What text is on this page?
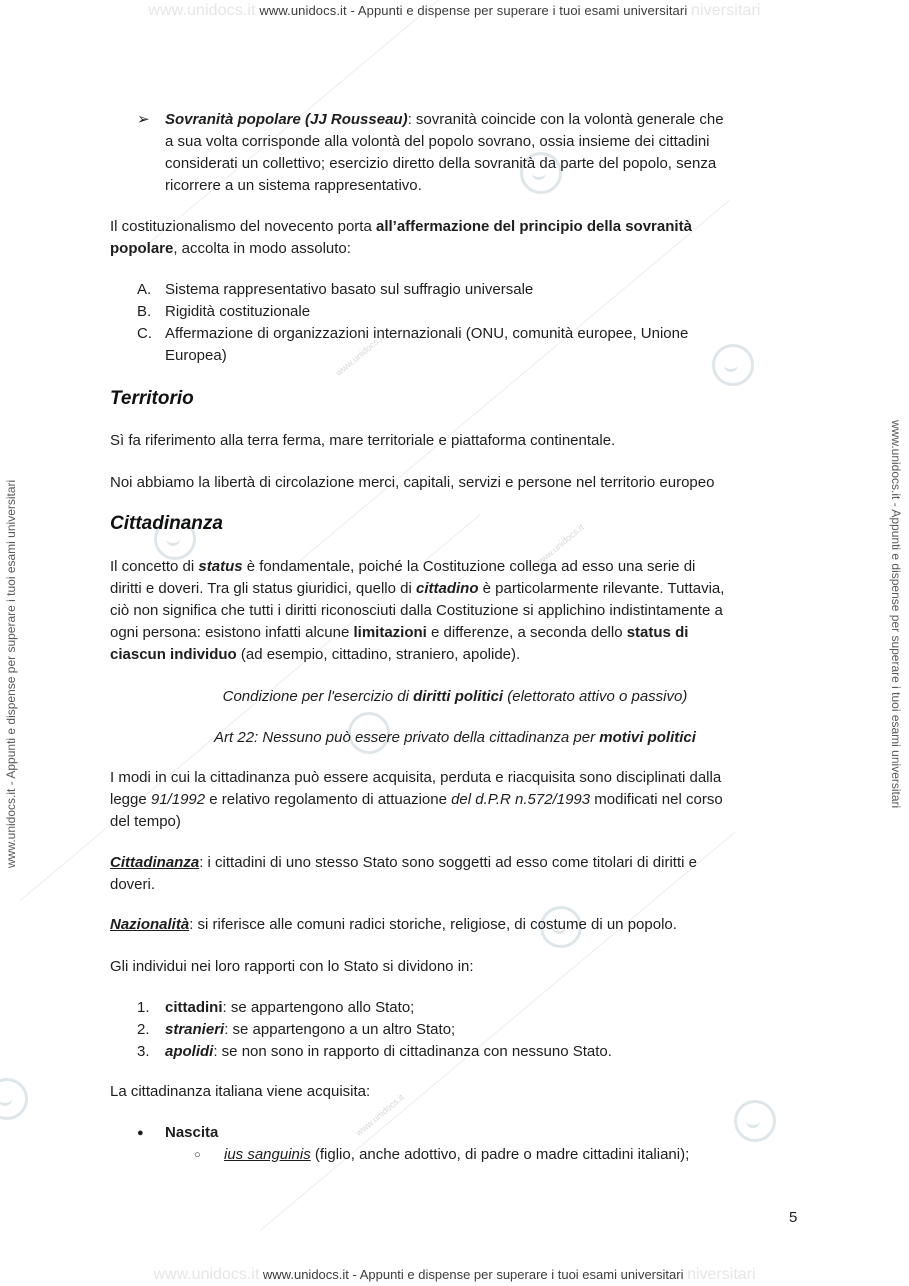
www.unidocs.it
www.unidocs.it
www.unidocs.it
www.unidocs.it www.unidocs.it - Appunti e dispense per superare i tuoi esami universitari niversitari
www.unidocs.it www.unidocs.it - Appunti e dispense per superare i tuoi esami universitari niversitari
www.unidocs.it - Appunti e dispense per superare i tuoi esami universitari	www.unidocs.it - Appunti e dispense per superare i tuoi esami universitari
➢ Sovranità popolare (JJ Rousseau): sovranità coincide con la volontà generale che
a sua volta corrisponde alla volontà del popolo sovrano, ossia insieme dei cittadini
considerati un collettivo; esercizio diretto della sovranità da parte del popolo, senza
ricorrere a un sistema rappresentativo.

Il costituzionalismo del novecento porta all’affermazione del principio della sovranità
popolare, accolta in modo assoluto:

A. Sistema rappresentativo basato sul suffragio universale
B. Rigidità costituzionale
C. Affermazione di organizzazioni internazionali (ONU, comunità europee, Unione
Europea)
Territorio

Sì fa riferimento alla terra ferma, mare territoriale e piattaforma continentale.

Noi abbiamo la libertà di circolazione merci, capitali, servizi e persone nel territorio europeo

Cittadinanza

Il concetto di status è fondamentale, poiché la Costituzione collega ad esso una serie di
diritti e doveri. Tra gli status giuridici, quello di cittadino è particolarmente rilevante. Tuttavia,
ciò non significa che tutti i diritti riconosciuti dalla Costituzione si applichino indistintamente a
ogni persona: esistono infatti alcune limitazioni e differenze, a seconda dello status di
ciascun individuo (ad esempio, cittadino, straniero, apolide).

Condizione per l'esercizio di diritti politici (elettorato attivo o passivo)

Art 22: Nessuno può essere privato della cittadinanza per motivi politici

I modi in cui la cittadinanza può essere acquisita, perduta e riacquisita sono disciplinati dalla
legge 91/1992 e relativo regolamento di attuazione del d.P.R n.572/1993 modificati nel corso
del tempo)

Cittadinanza: i cittadini di uno stesso Stato sono soggetti ad esso come titolari di diritti e
doveri.

Nazionalità: si riferisce alle comuni radici storiche, religiose, di costume di un popolo.

Gli individui nei loro rapporti con lo Stato si dividono in:

1. cittadini: se appartengono allo Stato;
2. stranieri: se appartengono a un altro Stato;
3. apolidi: se non sono in rapporto di cittadinanza con nessuno Stato.

La cittadinanza italiana viene acquisita:

● Nascita
○ ius sanguinis (figlio, anche adottivo, di padre o madre cittadini italiani);
5
